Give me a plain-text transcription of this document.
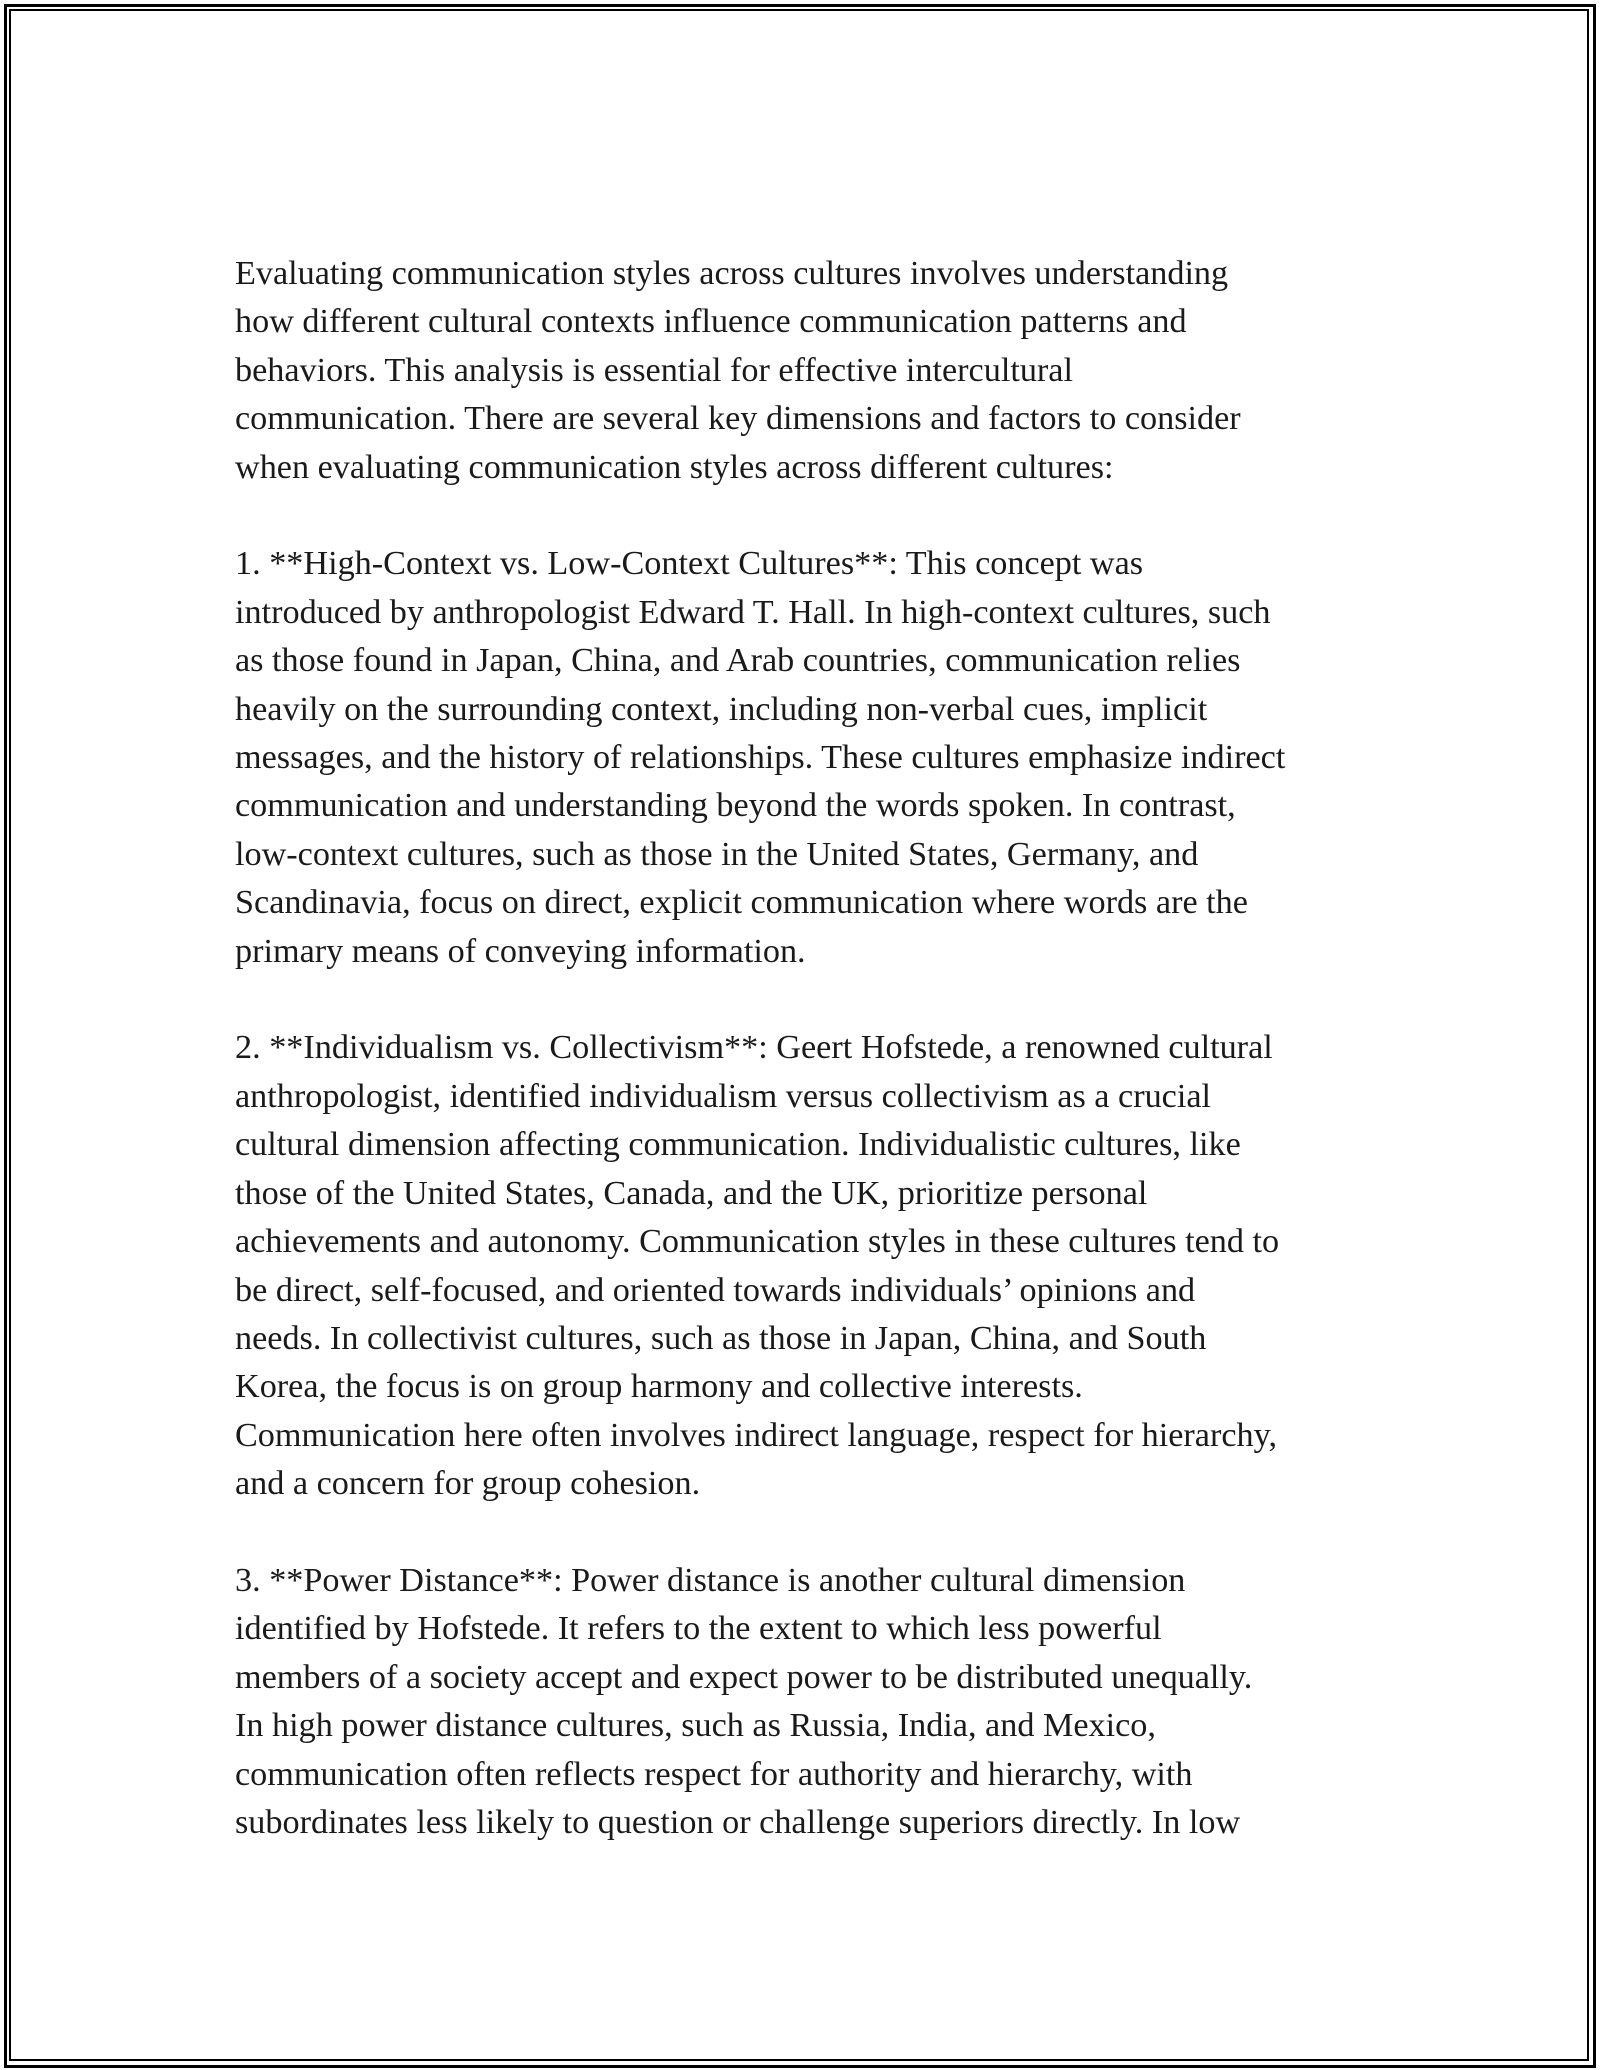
Evaluating communication styles across cultures involves understanding
how different cultural contexts influence communication patterns and
behaviors. This analysis is essential for effective intercultural
communication. There are several key dimensions and factors to consider
when evaluating communication styles across different cultures:
1. **High-Context vs. Low-Context Cultures**: This concept was
introduced by anthropologist Edward T. Hall. In high-context cultures, such
as those found in Japan, China, and Arab countries, communication relies
heavily on the surrounding context, including non-verbal cues, implicit
messages, and the history of relationships. These cultures emphasize indirect
communication and understanding beyond the words spoken. In contrast,
low-context cultures, such as those in the United States, Germany, and
Scandinavia, focus on direct, explicit communication where words are the
primary means of conveying information.
2. **Individualism vs. Collectivism**: Geert Hofstede, a renowned cultural
anthropologist, identified individualism versus collectivism as a crucial
cultural dimension affecting communication. Individualistic cultures, like
those of the United States, Canada, and the UK, prioritize personal
achievements and autonomy. Communication styles in these cultures tend to
be direct, self-focused, and oriented towards individuals’ opinions and
needs. In collectivist cultures, such as those in Japan, China, and South
Korea, the focus is on group harmony and collective interests.
Communication here often involves indirect language, respect for hierarchy,
and a concern for group cohesion.
3. **Power Distance**: Power distance is another cultural dimension
identified by Hofstede. It refers to the extent to which less powerful
members of a society accept and expect power to be distributed unequally.
In high power distance cultures, such as Russia, India, and Mexico,
communication often reflects respect for authority and hierarchy, with
subordinates less likely to question or challenge superiors directly. In low
